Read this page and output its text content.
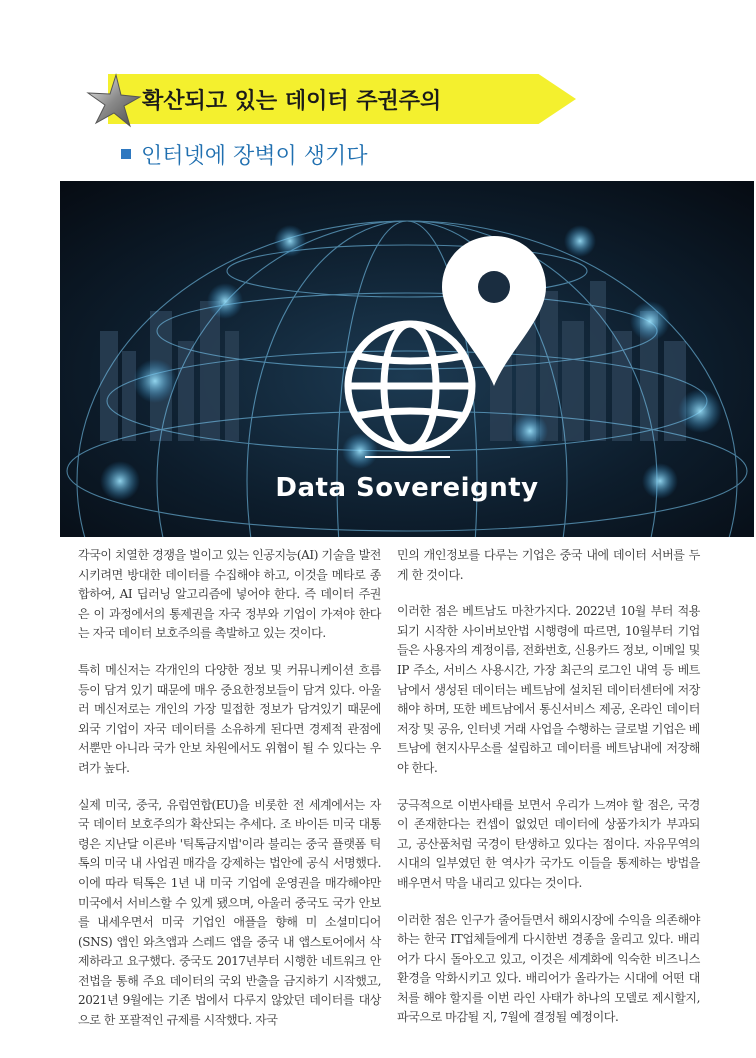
확산되고 있는 데이터 주권주의
인터넷에 장벽이 생기다
Data Sovereignty

각국이 치열한 경쟁을 벌이고 있는 인공지능(AI) 기술을 발전시키려면 방대한 데이터를 수집해야 하고, 이것을 메타로 종합하여, AI 딥러닝 알고리즘에 넣어야 한다. 즉 데이터 주권은 이 과정에서의 통제권을 자국 정부와 기업이 가져야 한다는 자국 데이터 보호주의를 촉발하고 있는 것이다.

특히 메신저는 각개인의 다양한 정보 및 커뮤니케이션 흐름등이 담겨 있기 때문에 매우 중요한정보들이 담겨 있다. 아울러 메신저로는 개인의 가장 밀접한 정보가 담겨있기 때문에 외국 기업이 자국 데이터를 소유하게 된다면 경제적 관점에서뿐만 아니라 국가 안보 차원에서도 위협이 될 수 있다는 우려가 높다.

실제 미국, 중국, 유럽연합(EU)을 비롯한 전 세계에서는 자국 데이터 보호주의가 확산되는 추세다. 조 바이든 미국 대통령은 지난달 이른바 '틱톡금지법'이라 불리는 중국 플랫폼 틱톡의 미국 내 사업권 매각을 강제하는 법안에 공식 서명했다. 이에 따라 틱톡은 1년 내 미국 기업에 운영권을 매각해야만 미국에서 서비스할 수 있게 됐으며, 아울러 중국도 국가 안보를 내세우면서 미국 기업인 애플을 향해 미 소셜미디어(SNS) 앱인 와츠앱과 스레드 앱을 중국 내 앱스토어에서 삭제하라고 요구했다. 중국도 2017년부터 시행한 네트워크 안전법을 통해 주요 데이터의 국외 반출을 금지하기 시작했고, 2021년 9월에는 기존 법에서 다루지 않았던 데이터를 대상으로 한 포괄적인 규제를 시작했다. 자국

민의 개인정보를 다루는 기업은 중국 내에 데이터 서버를 두게 한 것이다.

이러한 점은 베트남도 마찬가지다. 2022년 10월 부터 적용되기 시작한 사이버보안법 시행령에 따르면, 10월부터 기업들은 사용자의 계정이름, 전화번호, 신용카드 정보, 이메일 및 IP 주소, 서비스 사용시간, 가장 최근의 로그인 내역 등 베트남에서 생성된 데이터는 베트남에 설치된 데이터센터에 저장해야 하며, 또한 베트남에서 통신서비스 제공, 온라인 데이터 저장 및 공유, 인터넷 거래 사업을 수행하는 글로벌 기업은 베트남에 현지사무소를 설립하고 데이터를 베트남내에 저장해야 한다.

궁극적으로 이번사태를 보면서 우리가 느껴야 할 점은, 국경이 존재한다는 컨셉이 없었던 데이터에 상품가치가 부과되고, 공산품처럼 국경이 탄생하고 있다는 점이다. 자유무역의 시대의 일부였던 한 역사가 국가도 이들을 통제하는 방법을 배우면서 막을 내리고 있다는 것이다.

이러한 점은 인구가 줄어들면서 해외시장에 수익을 의존해야 하는 한국 IT업체들에게 다시한번 경종을 울리고 있다. 배리어가 다시 돌아오고 있고, 이것은 세계화에 익숙한 비즈니스 환경을 악화시키고 있다. 배리어가 올라가는 시대에 어떤 대처를 해야 할지를 이번 라인 사태가 하나의 모델로 제시할지, 파국으로 마감될 지, 7월에 결정될 예정이다.
